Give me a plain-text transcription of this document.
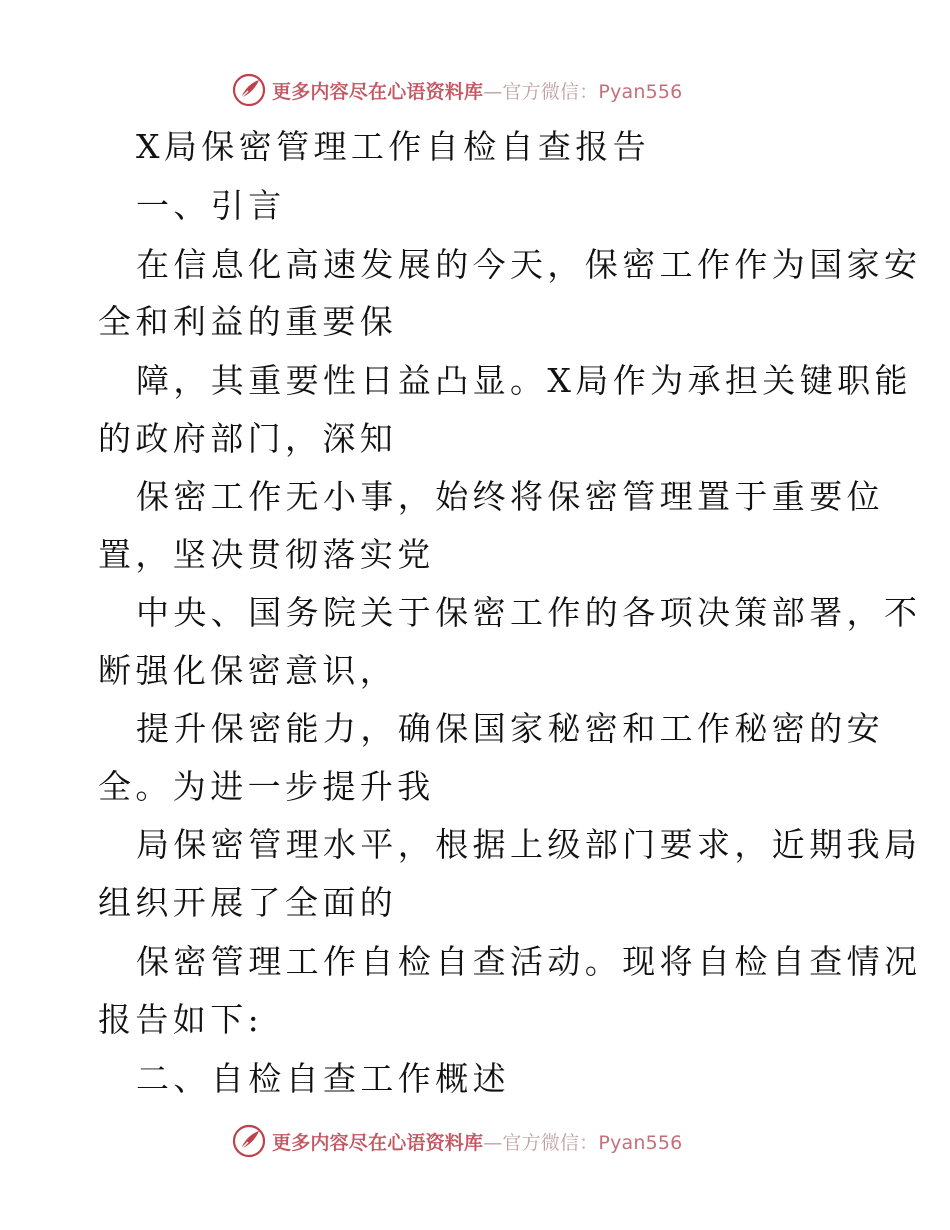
更多内容尽在心语资料库—官方微信：Pyan556
X局保密管理工作自检自查报告
一、引言
在信息化高速发展的今天，保密工作作为国家安
全和利益的重要保
障，其重要性日益凸显。X局作为承担关键职能
的政府部门，深知
保密工作无小事，始终将保密管理置于重要位
置，坚决贯彻落实党
中央、国务院关于保密工作的各项决策部署，不
断强化保密意识，
提升保密能力，确保国家秘密和工作秘密的安
全。为进一步提升我
局保密管理水平，根据上级部门要求，近期我局
组织开展了全面的
保密管理工作自检自查活动。现将自检自查情况
报告如下:
二、自检自查工作概述
更多内容尽在心语资料库—官方微信：Pyan556
